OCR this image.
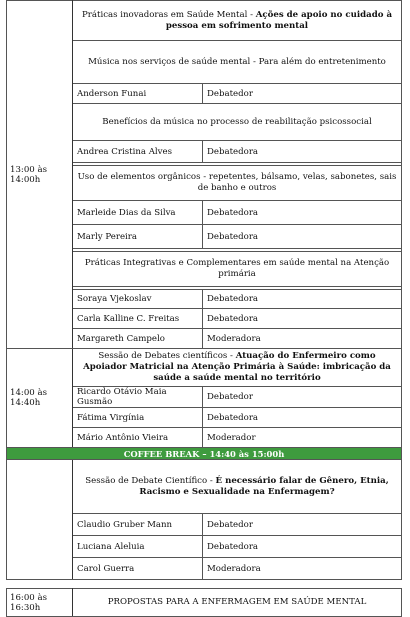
13:00 às 14:00h	Práticas inovadoras em Saúde Mental - Ações de apoio no cuidado à pessoa em sofrimento mental	
	Música nos serviços de saúde mental - Para além do entretenimento	
	Anderson Funai	Debatedor
	Benefícios da música no processo de reabilitação psicossocial	
	Andrea Cristina Alves	Debatedora

	Uso de elementos orgânicos - repetentes, bálsamo, velas, sabonetes, sais de banho e outros	
	Marleide Dias da Silva	Debatedora
	Marly Pereira	Debatedora

	Práticas Integrativas e Complementares em saúde mental na Atenção primária	

	Soraya Vjekoslav	Debatedora
	Carla Kalline C. Freitas	Debatedora
	Margareth Campelo	Moderadora
14:00 às 14:40h	Sessão de Debates científicos - Atuação do Enfermeiro como Apoiador Matricial na Atenção Primária à Saúde: imbricação da saúde a saúde mental no território	
	Ricardo Otávio Maia Gusmão	Debatedor
	Fátima Virgínia	Debatedora
	Mário Antônio Vieira	Moderador
COFFEE BREAK – 14:40 às 15:00h		
	Sessão de Debate Científico - É necessário falar de Gênero, Etnia, Racismo e Sexualidade na Enfermagem?	
	Claudio Gruber Mann	Debatedor
	Luciana Aleluia	Debatedora
	Carol Guerra	Moderadora

16:00 às 16:30h	PROPOSTAS PARA A ENFERMAGEM EM SAÚDE MENTAL	
